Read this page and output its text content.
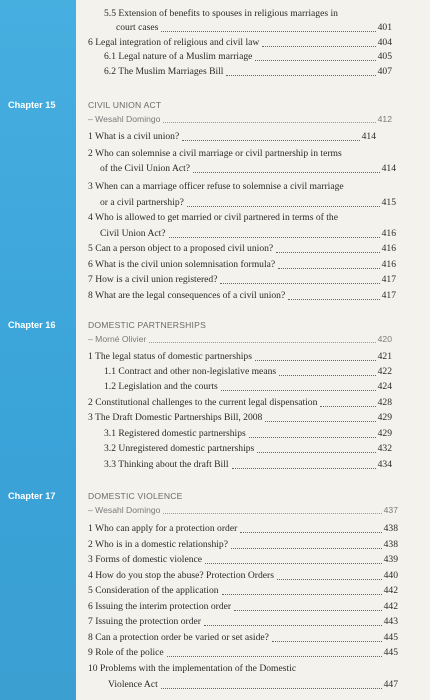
5.5 Extension of benefits to spouses in religious marriages in
court cases	401
6 Legal integration of religious and civil law	404
6.1 Legal nature of a Muslim marriage	405
6.2 The Muslim Marriages Bill	407
Chapter 15	CIVIL UNION ACT
– Wesahl Domingo	412
1 What is a civil union?	414
2 Who can solemnise a civil marriage or civil partnership in terms
of the Civil Union Act?	414
3 When can a marriage officer refuse to solemnise a civil marriage
or a civil partnership?	415
4 Who is allowed to get married or civil partnered in terms of the
Civil Union Act?	416
5 Can a person object to a proposed civil union?	416
6 What is the civil union solemnisation formula?	416
7 How is a civil union registered?	417
8 What are the legal consequences of a civil union?	417
Chapter 16	DOMESTIC PARTNERSHIPS
– Morné Olivier	420
1 The legal status of domestic partnerships	421
1.1 Contract and other non-legislative means	422
1.2 Legislation and the courts	424
2 Constitutional challenges to the current legal dispensation	428
3 The Draft Domestic Partnerships Bill, 2008	429
3.1 Registered domestic partnerships	429
3.2 Unregistered domestic partnerships	432
3.3 Thinking about the draft Bill	434
Chapter 17	DOMESTIC VIOLENCE
– Wesahl Domingo	437
1 Who can apply for a protection order	438
2 Who is in a domestic relationship?	438
3 Forms of domestic violence	439
4 How do you stop the abuse? Protection Orders	440
5 Consideration of the application	442
6 Issuing the interim protection order	442
7 Issuing the protection order	443
8 Can a protection order be varied or set aside?	445
9 Role of the police	445
10 Problems with the implementation of the Domestic
Violence Act	447
